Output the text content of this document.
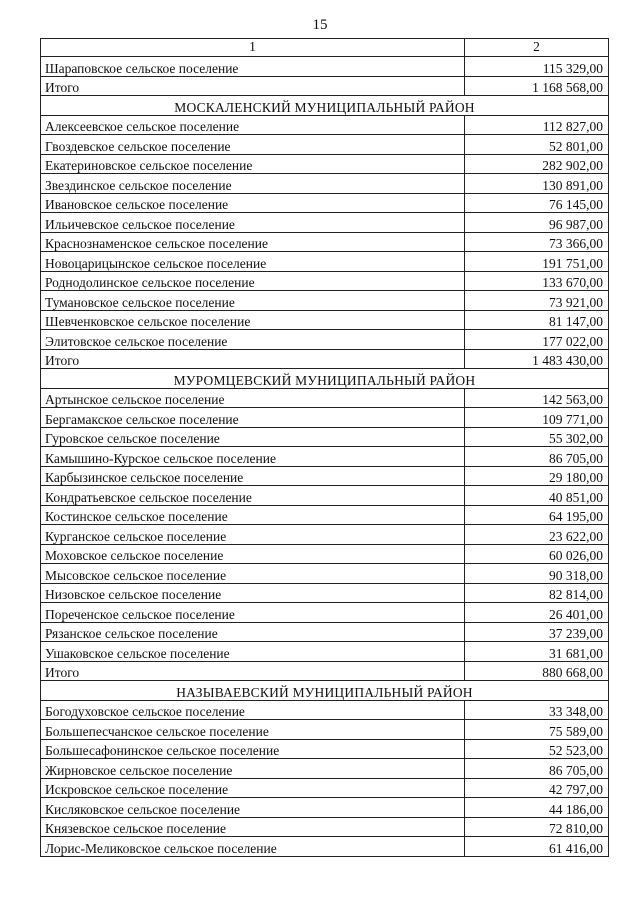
15
1	2
Шараповское сельское поселение	115 329,00
Итого	1 168 568,00
МОСКАЛЕНСКИЙ МУНИЦИПАЛЬНЫЙ РАЙОН	
Алексеевское сельское поселение	112 827,00
Гвоздевское сельское поселение	52 801,00
Екатериновское сельское поселение	282 902,00
Звездинское сельское поселение	130 891,00
Ивановское сельское поселение	76 145,00
Ильичевское сельское поселение	96 987,00
Краснознаменское сельское поселение	73 366,00
Новоцарицынское сельское поселение	191 751,00
Роднодолинское сельское поселение	133 670,00
Тумановское сельское поселение	73 921,00
Шевченковское сельское поселение	81 147,00
Элитовское сельское поселение	177 022,00
Итого	1 483 430,00
МУРОМЦЕВСКИЙ МУНИЦИПАЛЬНЫЙ РАЙОН	
Артынское сельское поселение	142 563,00
Бергамакское сельское поселение	109 771,00
Гуровское сельское поселение	55 302,00
Камышино-Курское сельское поселение	86 705,00
Карбызинское сельское поселение	29 180,00
Кондратьевское сельское поселение	40 851,00
Костинское сельское поселение	64 195,00
Курганское сельское поселение	23 622,00
Моховское сельское поселение	60 026,00
Мысовское сельское поселение	90 318,00
Низовское сельское поселение	82 814,00
Пореченское сельское поселение	26 401,00
Рязанское сельское поселение	37 239,00
Ушаковское сельское поселение	31 681,00
Итого	880 668,00
НАЗЫВАЕВСКИЙ МУНИЦИПАЛЬНЫЙ РАЙОН	
Богодуховское сельское поселение	33 348,00
Большепесчанское сельское поселение	75 589,00
Большесафонинское сельское поселение	52 523,00
Жирновское сельское поселение	86 705,00
Искровское сельское поселение	42 797,00
Кисляковское сельское поселение	44 186,00
Князевское сельское поселение	72 810,00
Лорис-Меликовское сельское поселение	61 416,00
